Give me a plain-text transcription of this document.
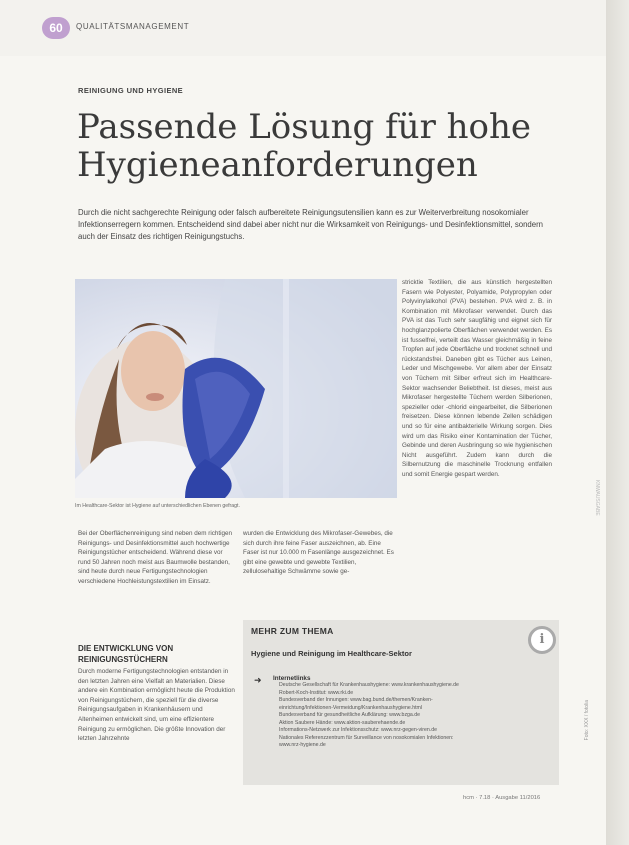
60	QUALITÄTSMANAGEMENT
REINIGUNG UND HYGIENE
Passende Lösung für hohe Hygieneanforderungen

Durch die nicht sachgerechte Reinigung oder falsch aufbereitete Reinigungsutensilien kann es zur Weiterverbreitung nosokomialer Infektionserregern kommen. Entscheidend sind dabei aber nicht nur die Wirksamkeit von Reinigungs- und Desinfektionsmittel, sondern auch der Einsatz des richtigen Reinigungstuchs.

Im Healthcare-Sektor ist Hygiene auf unterschiedlichen Ebenen gefragt.

stricktie Textilien, die aus künstlich hergestellten Fasern wie Polyester, Polyamide, Polypropylen oder Polyvinylalkohol (PVA) bestehen. PVA wird z. B. in Kombination mit Mikrofaser verwendet. Durch das PVA ist das Tuch sehr saugfähig und eignet sich für hochglanzpolierte Oberflächen verwendet werden. Es ist fusselfrei, verteilt das Wasser gleichmäßig in feine Tropfen auf jede Oberfläche und trocknet schnell und rückstandsfrei. Daneben gibt es Tücher aus Leinen, Leder und Mischgewebe. Vor allem aber der Einsatz von Tüchern mit Silber erfreut sich im Healthcare-Sektor wachsender Beliebtheit. Ist dieses, meist aus Mikrofaser hergestellte Tüchern werden Silberionen, spezieller oder -chlorid eingearbeitet, die Silberionen freisetzen. Diese können lebende Zellen schädigen und so für eine antibakterielle Wirkung sorgen. Dies wird um das Risiko einer Kontamination der Tücher, Gebinde und deren Ausbringung so wie hygienischen Nicht ausgeführt. Zudem kann durch die Silbernutzung die maschinelle Trocknung entfallen und somit Energie gespart werden.

Bei der Oberflächenreinigung sind neben dem richtigen Reinigungs- und Desinfektionsmittel auch hochwertige Reinigungstücher entscheidend. Während diese vor rund 50 Jahren noch meist aus Baumwolle bestanden, sind heute durch neue Fertigungstechnologien verschiedene Hochleistungstextilien im Einsatz.

wurden die Entwicklung des Mikrofaser-Gewebes, die sich durch ihre feine Faser auszeichnen, ab. Eine Faser ist nur 10.000 m Fasenlänge ausgezeichnet. Es gibt eine gewebte und gewebte Textilien, zellulosehaltige Schwämme sowie ge-

DIE ENTWICKLUNG VON REINIGUNGSTÜCHERN

Durch moderne Fertigungstechnologien entstanden in den letzten Jahren eine Vielfalt an Materialien. Diese andere ein Kombination ermöglicht heute die Produktion von Reinigungstüchern, die speziell für die diverse Reinigungsaufgaben in Krankenhäusern und Altenheimen entwickelt sind, um eine effizientere Reinigung zu ermöglichen. Die größte Innovation der letzten Jahrzehnte

MEHR ZUM THEMA
i
Hygiene und Reinigung im Healthcare-Sektor
➜ Internetlinks
Deutsche Gesellschaft für Krankenhaushygiene: www.krankenhaushygiene.de
Robert-Koch-Institut: www.rki.de
Bundesverband der Innungen: www.bag.bund.de/themen/Kranken-
einrichtung/Infektionen-Vermeidung/Krankenhaushygiene.html
Bundesverband für gesundheitliche Aufklärung: www.bzga.de
Aktion Saubere Hände: www.aktion-sauberehaende.de
Informations-Netzwerk zur Infektionsschutz: www.nrz-gegen-viren.de
Nationales Referenzzentrum für Surveillance von nosokomialen Infektionen:
www.nrz-hygiene.de
hcm · 7.18 · Ausgabe 11/2016
Foto: XXX / fotolia
KNWAUSGABE
